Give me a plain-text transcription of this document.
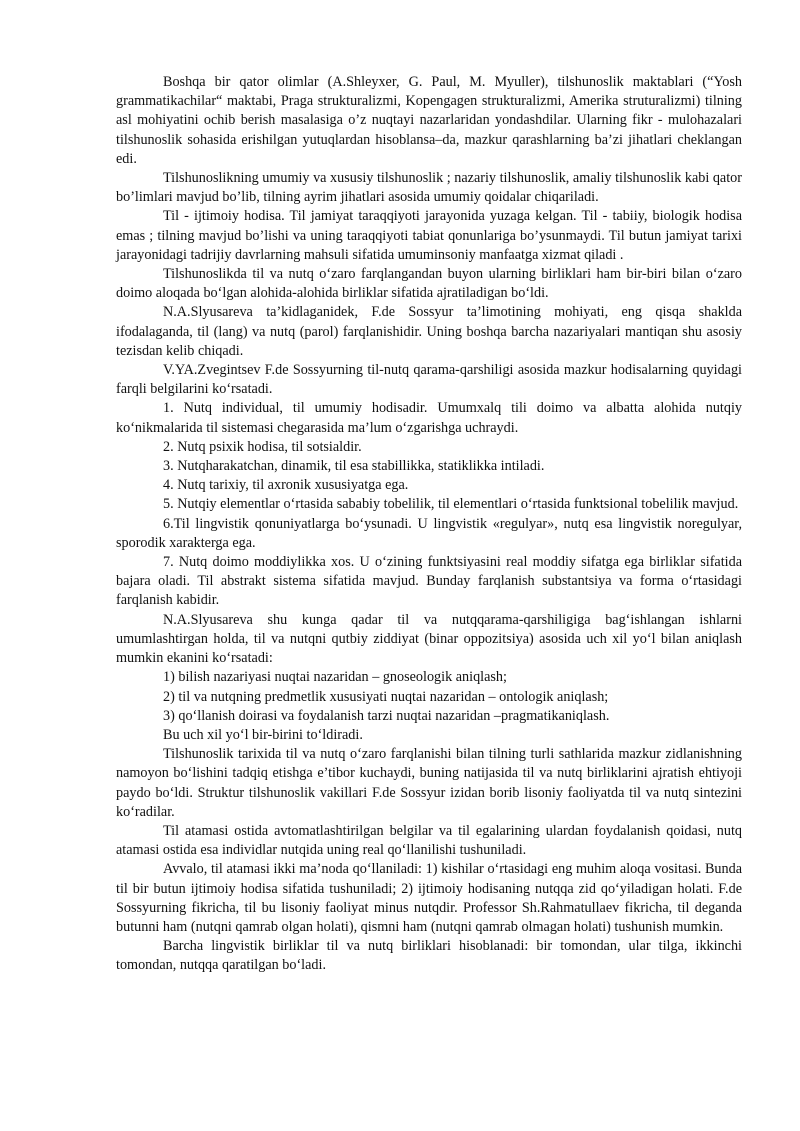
Boshqa bir qator olimlar (A.Shleyxer, G. Paul, M. Myuller), tilshunoslik maktablari (“Yosh grammatikachilar“ maktabi, Praga strukturalizmi, Kopengagen strukturalizmi, Amerika struturalizmi) tilning asl mohiyatini ochib berish masalasiga o’z nuqtayi nazarlaridan yondashdilar. Ularning fikr - mulohazalari tilshunoslik sohasida erishilgan yutuqlardan hisoblansa–da, mazkur qarashlarning ba’zi jihatlari cheklangan edi.

Tilshunoslikning umumiy va xususiy tilshunoslik ; nazariy tilshunoslik, amaliy tilshunoslik kabi qator bo’limlari mavjud bo’lib, tilning ayrim jihatlari asosida umumiy qoidalar chiqariladi.

Til - ijtimoiy hodisa. Til jamiyat taraqqiyoti jarayonida yuzaga kelgan. Til - tabiiy, biologik hodisa emas ; tilning mavjud bo’lishi va uning taraqqiyoti tabiat qonunlariga bo’ysunmaydi. Til butun jamiyat tarixi jarayonidagi tadrijiy davrlarning mahsuli sifatida umuminsoniy manfaatga xizmat qiladi .

Tilshunoslikda til va nutq o‘zaro farqlangandan buyon ularning birliklari ham bir-biri bilan o‘zaro doimo aloqada bo‘lgan alohida-alohida birliklar sifatida ajratiladigan bo‘ldi.

N.A.Slyusareva ta’kidlaganidek, F.de Sossyur ta’limotining mohiyati, eng qisqa shaklda ifodalaganda, til (lang) va nutq (parol) farqlanishidir. Uning boshqa barcha nazariyalari mantiqan shu asosiy tezisdan kelib chiqadi.

V.YA.Zvegintsev F.de Sossyurning til-nutq qarama-qarshiligi asosida mazkur hodisalarning quyidagi farqli belgilarini ko‘rsatadi.

1. Nutq individual, til umumiy hodisadir. Umumxalq tili doimo va albatta alohida nutqiy ko‘nikmalarida til sistemasi chegarasida ma’lum o‘zgarishga uchraydi.

2. Nutq psixik hodisa, til sotsialdir.

3. Nutqharakatchan, dinamik, til esa stabillikka, statiklikka intiladi.

4. Nutq tarixiy, til axronik xususiyatga ega.

5. Nutqiy elementlar o‘rtasida sababiy tobelilik, til elementlari o‘rtasida funktsional tobelilik mavjud.

6.Til lingvistik qonuniyatlarga bo‘ysunadi. U lingvistik «regulyar», nutq esa lingvistik noregulyar, sporodik xarakterga ega.

7. Nutq doimo moddiylikka xos. U o‘zining funktsiyasini real moddiy sifatga ega birliklar sifatida bajara oladi. Til abstrakt sistema sifatida mavjud. Bunday farqlanish substantsiya va forma o‘rtasidagi farqlanish kabidir.

N.A.Slyusareva shu kunga qadar til va nutqqarama-qarshiligiga bag‘ishlangan ishlarni umumlashtirgan holda, til va nutqni qutbiy ziddiyat (binar oppozitsiya) asosida uch xil yo‘l bilan aniqlash mumkin ekanini ko‘rsatadi:

1) bilish nazariyasi nuqtai nazaridan – gnoseologik aniqlash;

2) til va nutqning predmetlik xususiyati nuqtai nazaridan – ontologik aniqlash;

3) qo‘llanish doirasi va foydalanish tarzi nuqtai nazaridan –pragmatikaniqlash.

Bu uch xil yo‘l bir-birini to‘ldiradi.

Tilshunoslik tarixida til va nutq o‘zaro farqlanishi bilan tilning turli sathlarida mazkur zidlanishning namoyon bo‘lishini tadqiq etishga e’tibor kuchaydi, buning natijasida til va nutq birliklarini ajratish ehtiyoji paydo bo‘ldi. Struktur tilshunoslik vakillari F.de Sossyur izidan borib lisoniy faoliyatda til va nutq sintezini ko‘radilar.

Til atamasi ostida avtomatlashtirilgan belgilar va til egalarining ulardan foydalanish qoidasi, nutq atamasi ostida esa individlar nutqida uning real qo‘llanilishi tushuniladi.

Avvalo, til atamasi ikki ma’noda qo‘llaniladi: 1) kishilar o‘rtasidagi eng muhim aloqa vositasi. Bunda til bir butun ijtimoiy hodisa sifatida tushuniladi; 2) ijtimoiy hodisaning nutqqa zid qo‘yiladigan holati. F.de Sossyurning fikricha, til bu lisoniy faoliyat minus nutqdir. Professor Sh.Rahmatullaev fikricha, til deganda butunni ham (nutqni qamrab olgan holati), qismni ham (nutqni qamrab olmagan holati) tushunish mumkin.

Barcha lingvistik birliklar til va nutq birliklari hisoblanadi: bir tomondan, ular tilga, ikkinchi tomondan, nutqqa qaratilgan bo‘ladi.
